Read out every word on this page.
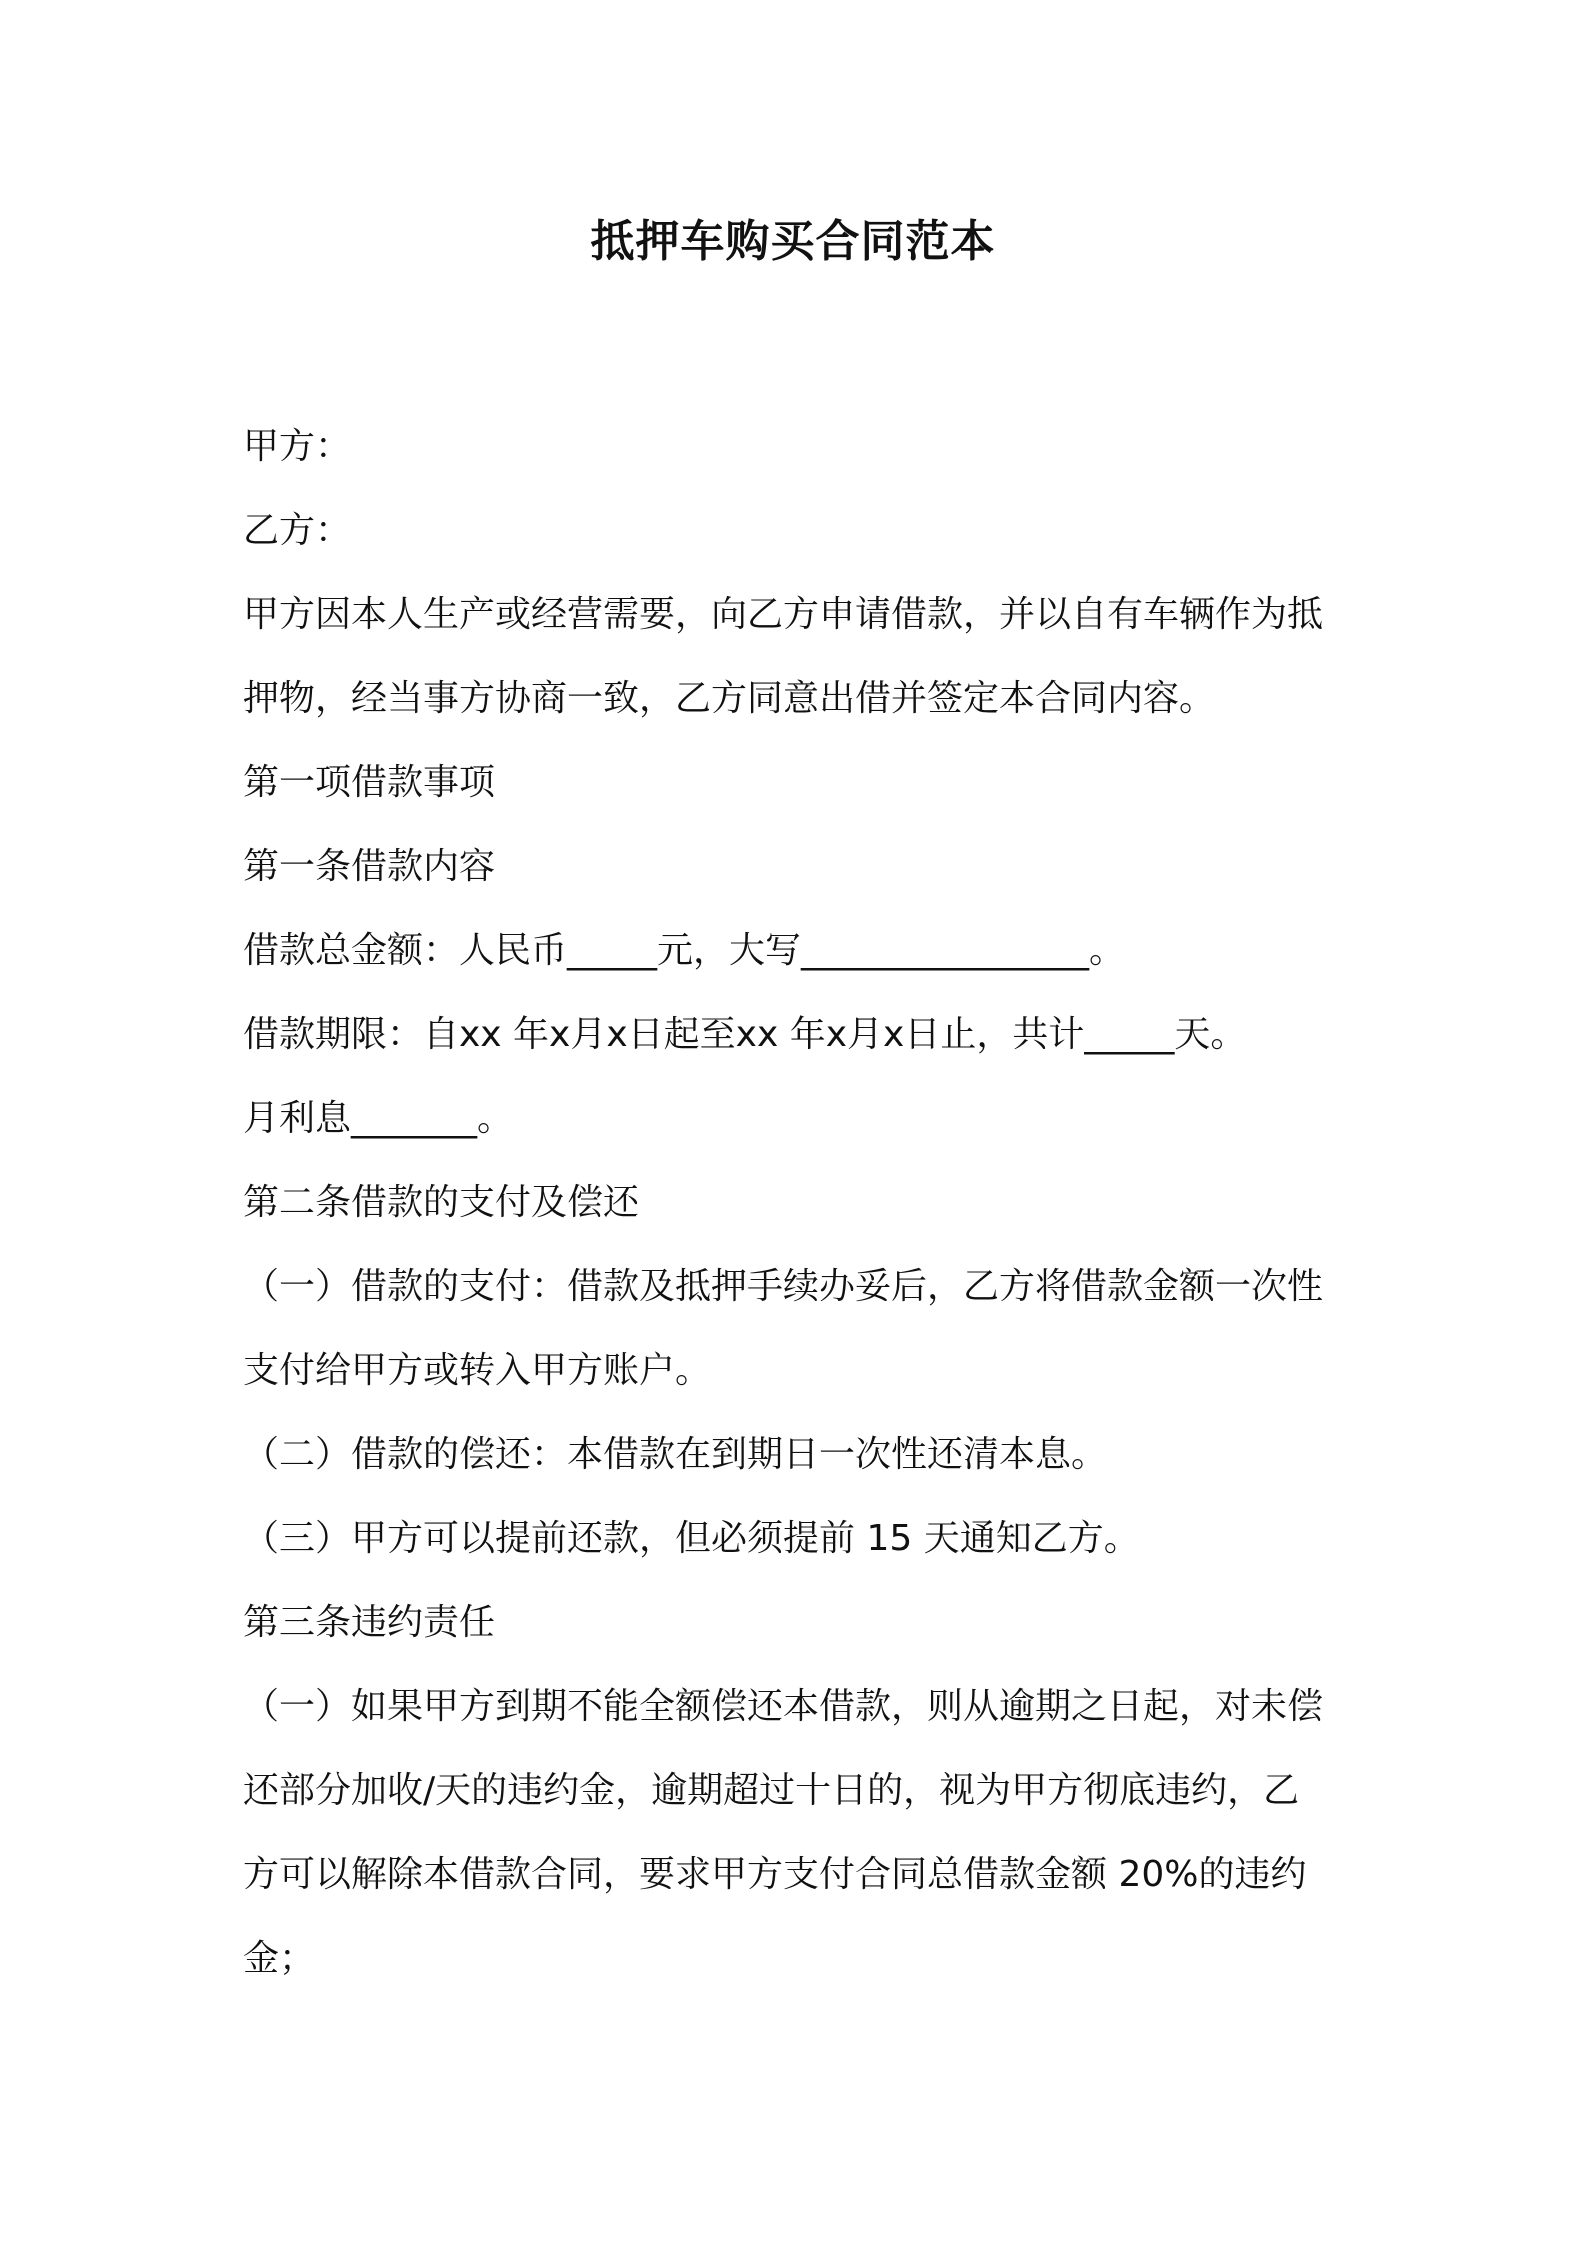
抵押车购买合同范本

甲方：

乙方：

甲方因本人生产或经营需要，向乙方申请借款，并以自有车辆作为抵

押物，经当事方协商一致，乙方同意出借并签定本合同内容。

第一项借款事项

第一条借款内容

借款总金额：人民币_____元，大写________________。

借款期限：自xx 年x月x日起至xx 年x月x日止，共计_____天。

月利息_______。

第二条借款的支付及偿还

（一）借款的支付：借款及抵押手续办妥后，乙方将借款金额一次性

支付给甲方或转入甲方账户。

（二）借款的偿还：本借款在到期日一次性还清本息。

（三）甲方可以提前还款，但必须提前 15 天通知乙方。

第三条违约责任

（一）如果甲方到期不能全额偿还本借款，则从逾期之日起，对未偿

还部分加收/天的违约金，逾期超过十日的，视为甲方彻底违约，乙

方可以解除本借款合同，要求甲方支付合同总借款金额 20%的违约

金；
